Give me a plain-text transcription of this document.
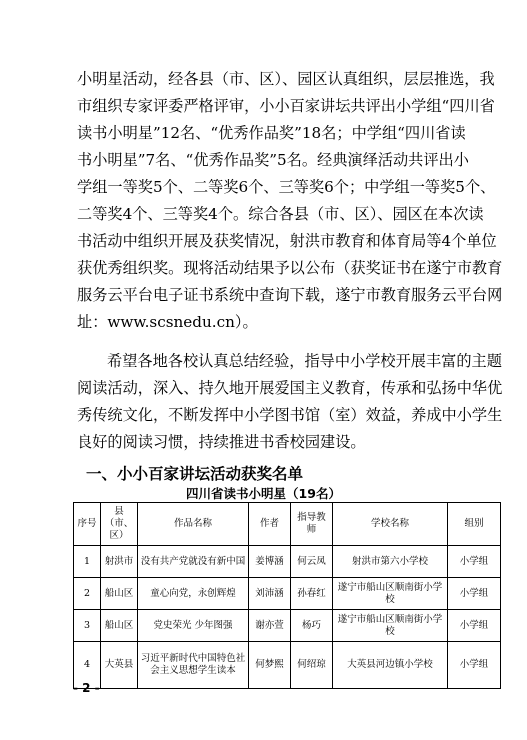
小明星活动，经各县（市、区）、园区认真组织，层层推选，我
市组织专家评委严格评审，小小百家讲坛共评出小学组“四川省
读书小明星”12名、“优秀作品奖”18名；中学组“四川省读
书小明星”7名、“优秀作品奖”5名。经典演绎活动共评出小
学组一等奖5个、二等奖6个、三等奖6个；中学组一等奖5个、
二等奖4个、三等奖4个。综合各县（市、区）、园区在本次读
书活动中组织开展及获奖情况，射洪市教育和体育局等4个单位
获优秀组织奖。现将活动结果予以公布（获奖证书在遂宁市教育
服务云平台电子证书系统中查询下载，遂宁市教育服务云平台网
址：www.scsnedu.cn）。
希望各地各校认真总结经验，指导中小学校开展丰富的主题
阅读活动，深入、持久地开展爱国主义教育，传承和弘扬中华优
秀传统文化，不断发挥中小学图书馆（室）效益，养成中小学生
良好的阅读习惯，持续推进书香校园建设。
一、小小百家讲坛活动获奖名单
四川省读书小明星（19名）
序号	县（市、区）	作品名称	作者	指导教师	学校名称	组别
1	射洪市	没有共产党就没有新中国	姜博涵	何云凤	射洪市第六小学校	小学组
2	船山区	童心向党，永创辉煌	刘沛涵	孙春红	遂宁市船山区顺南街小学校	小学组
3	船山区	党史荣光 少年图强	谢亦萱	杨巧	遂宁市船山区顺南街小学校	小学组
4	大英县	习近平新时代中国特色社会主义思想学生读本	何梦熙	何绍琼	大英县河边镇小学校	小学组
- 2 -
